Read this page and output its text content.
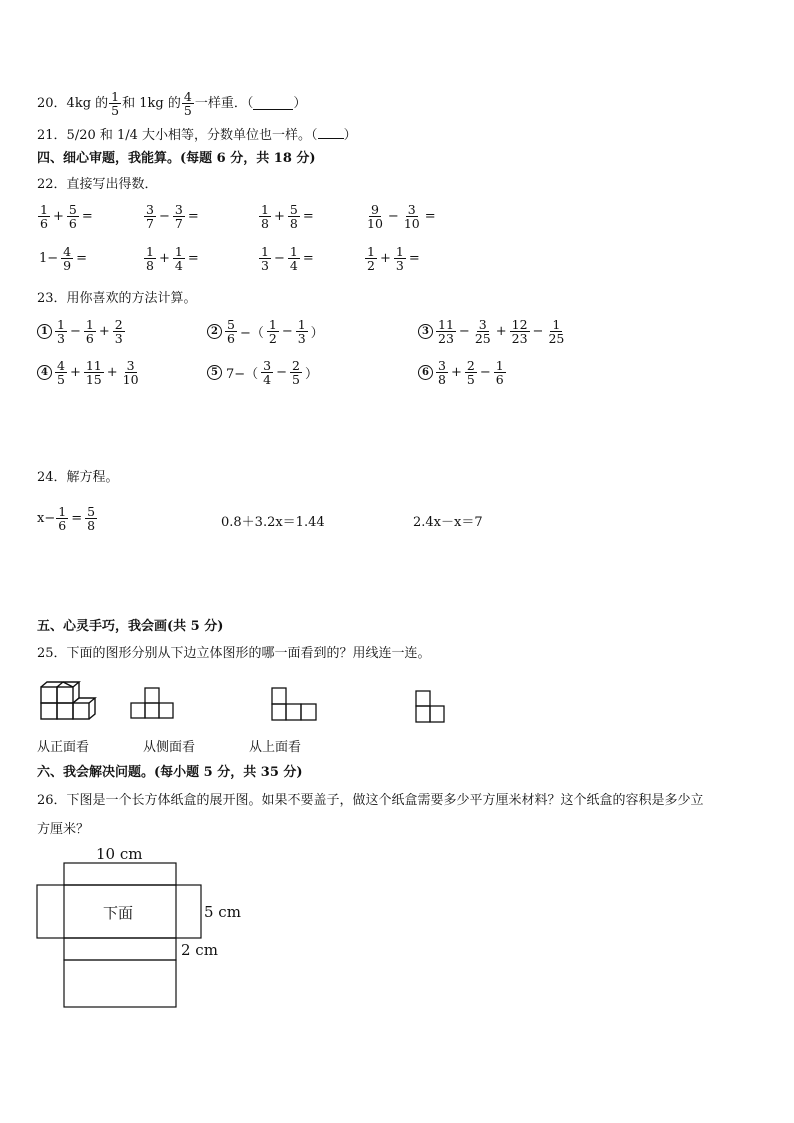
20． 4kg 的 $\frac{1}{5}$ 和 1kg 的 $\frac{4}{5}$ 一样重．（	）
21．5/20 和 1/4 大小相等，分数单位也一样。（ ）
四、细心审题，我能算。(每题 6 分，共 18 分)
22．直接写出得数．
$\frac{1}{6} + \frac{5}{6}$ =	$\frac{3}{7} - \frac{3}{7}$ =	$\frac{1}{8} + \frac{5}{8}$ =	$\frac{9}{10} - \frac{3}{10}$ =
$1- \frac{4}{9}$ =	$\frac{1}{8} + \frac{1}{4}$ =	$\frac{1}{3} - \frac{1}{4}$ =	$\frac{1}{2} + \frac{1}{3}$ =
23．用你喜欢的方法计算。
$1 \frac{1}{3} - \frac{1}{6} + \frac{2}{3}$	$2 \frac{5}{6}$ −（ $\frac{1}{2} - \frac{1}{3}$ ）	$3 \frac{11}{23} - \frac{3}{25} + \frac{12}{23} - \frac{1}{25}$
$4 \frac{4}{5} + \frac{11}{15} + \frac{3}{10}$	5 $7-( \frac{3}{4} - \frac{2}{5}$ ）	$6 \frac{3}{8} + \frac{2}{5} - \frac{1}{6}$
24．解方程。
$x- \frac{1}{6} = \frac{5}{8}$	0.8＋3.2x＝1.44	2.4x－x＝7
五、心灵手巧，我会画(共 5 分)
25．下面的图形分别从下边立体图形的哪一面看到的？用线连一连。
从正面看	从侧面看	从上面看
六、我会解决问题。(每小题 5 分，共 35 分)
26．下图是一个长方体纸盒的展开图。如果不要盖子，做这个纸盒需要多少平方厘米材料？这个纸盒的容积是多少立
方厘米？
10 cm
5 cm
2 cm
下面
